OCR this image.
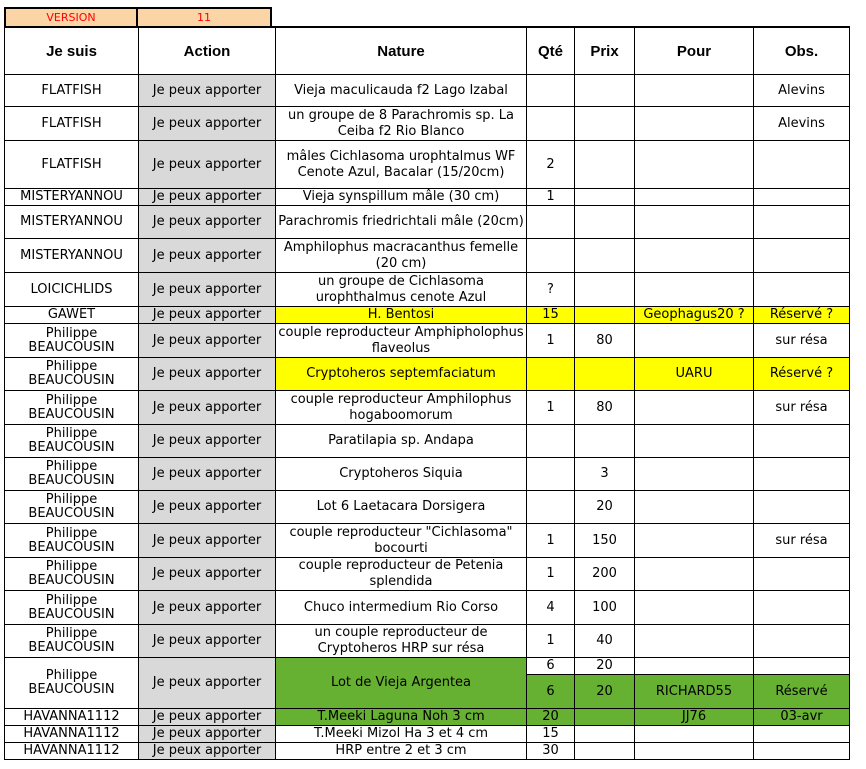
VERSION	11
Je suis	Action	Nature	Qté	Prix	Pour	Obs.
FLATFISH	Je peux apporter	Vieja maculicauda f2 Lago Izabal				Alevins
FLATFISH	Je peux apporter	un groupe de 8 Parachromis sp. La Ceiba f2 Rio Blanco				Alevins
FLATFISH	Je peux apporter	mâles Cichlasoma urophtalmus WF Cenote Azul, Bacalar (15/20cm)	2			
MISTERYANNOU	Je peux apporter	Vieja synspillum mâle (30 cm)	1			
MISTERYANNOU	Je peux apporter	Parachromis friedrichtali mâle (20cm)				
MISTERYANNOU	Je peux apporter	Amphilophus macracanthus femelle (20 cm)				
LOICICHLIDS	Je peux apporter	un groupe de Cichlasoma urophthalmus cenote Azul	?			
GAWET	Je peux apporter	H. Bentosi	15		Geophagus20 ?	Réservé ?
Philippe BEAUCOUSIN	Je peux apporter	couple reproducteur Amphipholophus flaveolus	1	80		sur résa
Philippe BEAUCOUSIN	Je peux apporter	Cryptoheros septemfaciatum			UARU	Réservé ?
Philippe BEAUCOUSIN	Je peux apporter	couple reproducteur Amphilophus hogaboomorum	1	80		sur résa
Philippe BEAUCOUSIN	Je peux apporter	Paratilapia sp. Andapa				
Philippe BEAUCOUSIN	Je peux apporter	Cryptoheros Siquia		3		
Philippe BEAUCOUSIN	Je peux apporter	Lot 6 Laetacara Dorsigera		20		
Philippe BEAUCOUSIN	Je peux apporter	couple reproducteur "Cichlasoma" bocourti	1	150		sur résa
Philippe BEAUCOUSIN	Je peux apporter	couple reproducteur de Petenia splendida	1	200		
Philippe BEAUCOUSIN	Je peux apporter	Chuco intermedium Rio Corso	4	100		
Philippe BEAUCOUSIN	Je peux apporter	un couple reproducteur de Cryptoheros HRP sur résa	1	40		
Philippe BEAUCOUSIN	Je peux apporter	Lot de Vieja Argentea	6	20		
			6	20	RICHARD55	Réservé
HAVANNA1112	Je peux apporter	T.Meeki Laguna Noh 3 cm	20		JJ76	03-avr
HAVANNA1112	Je peux apporter	T.Meeki Mizol Ha 3 et 4 cm	15			
HAVANNA1112	Je peux apporter	HRP entre 2 et 3 cm	30			
